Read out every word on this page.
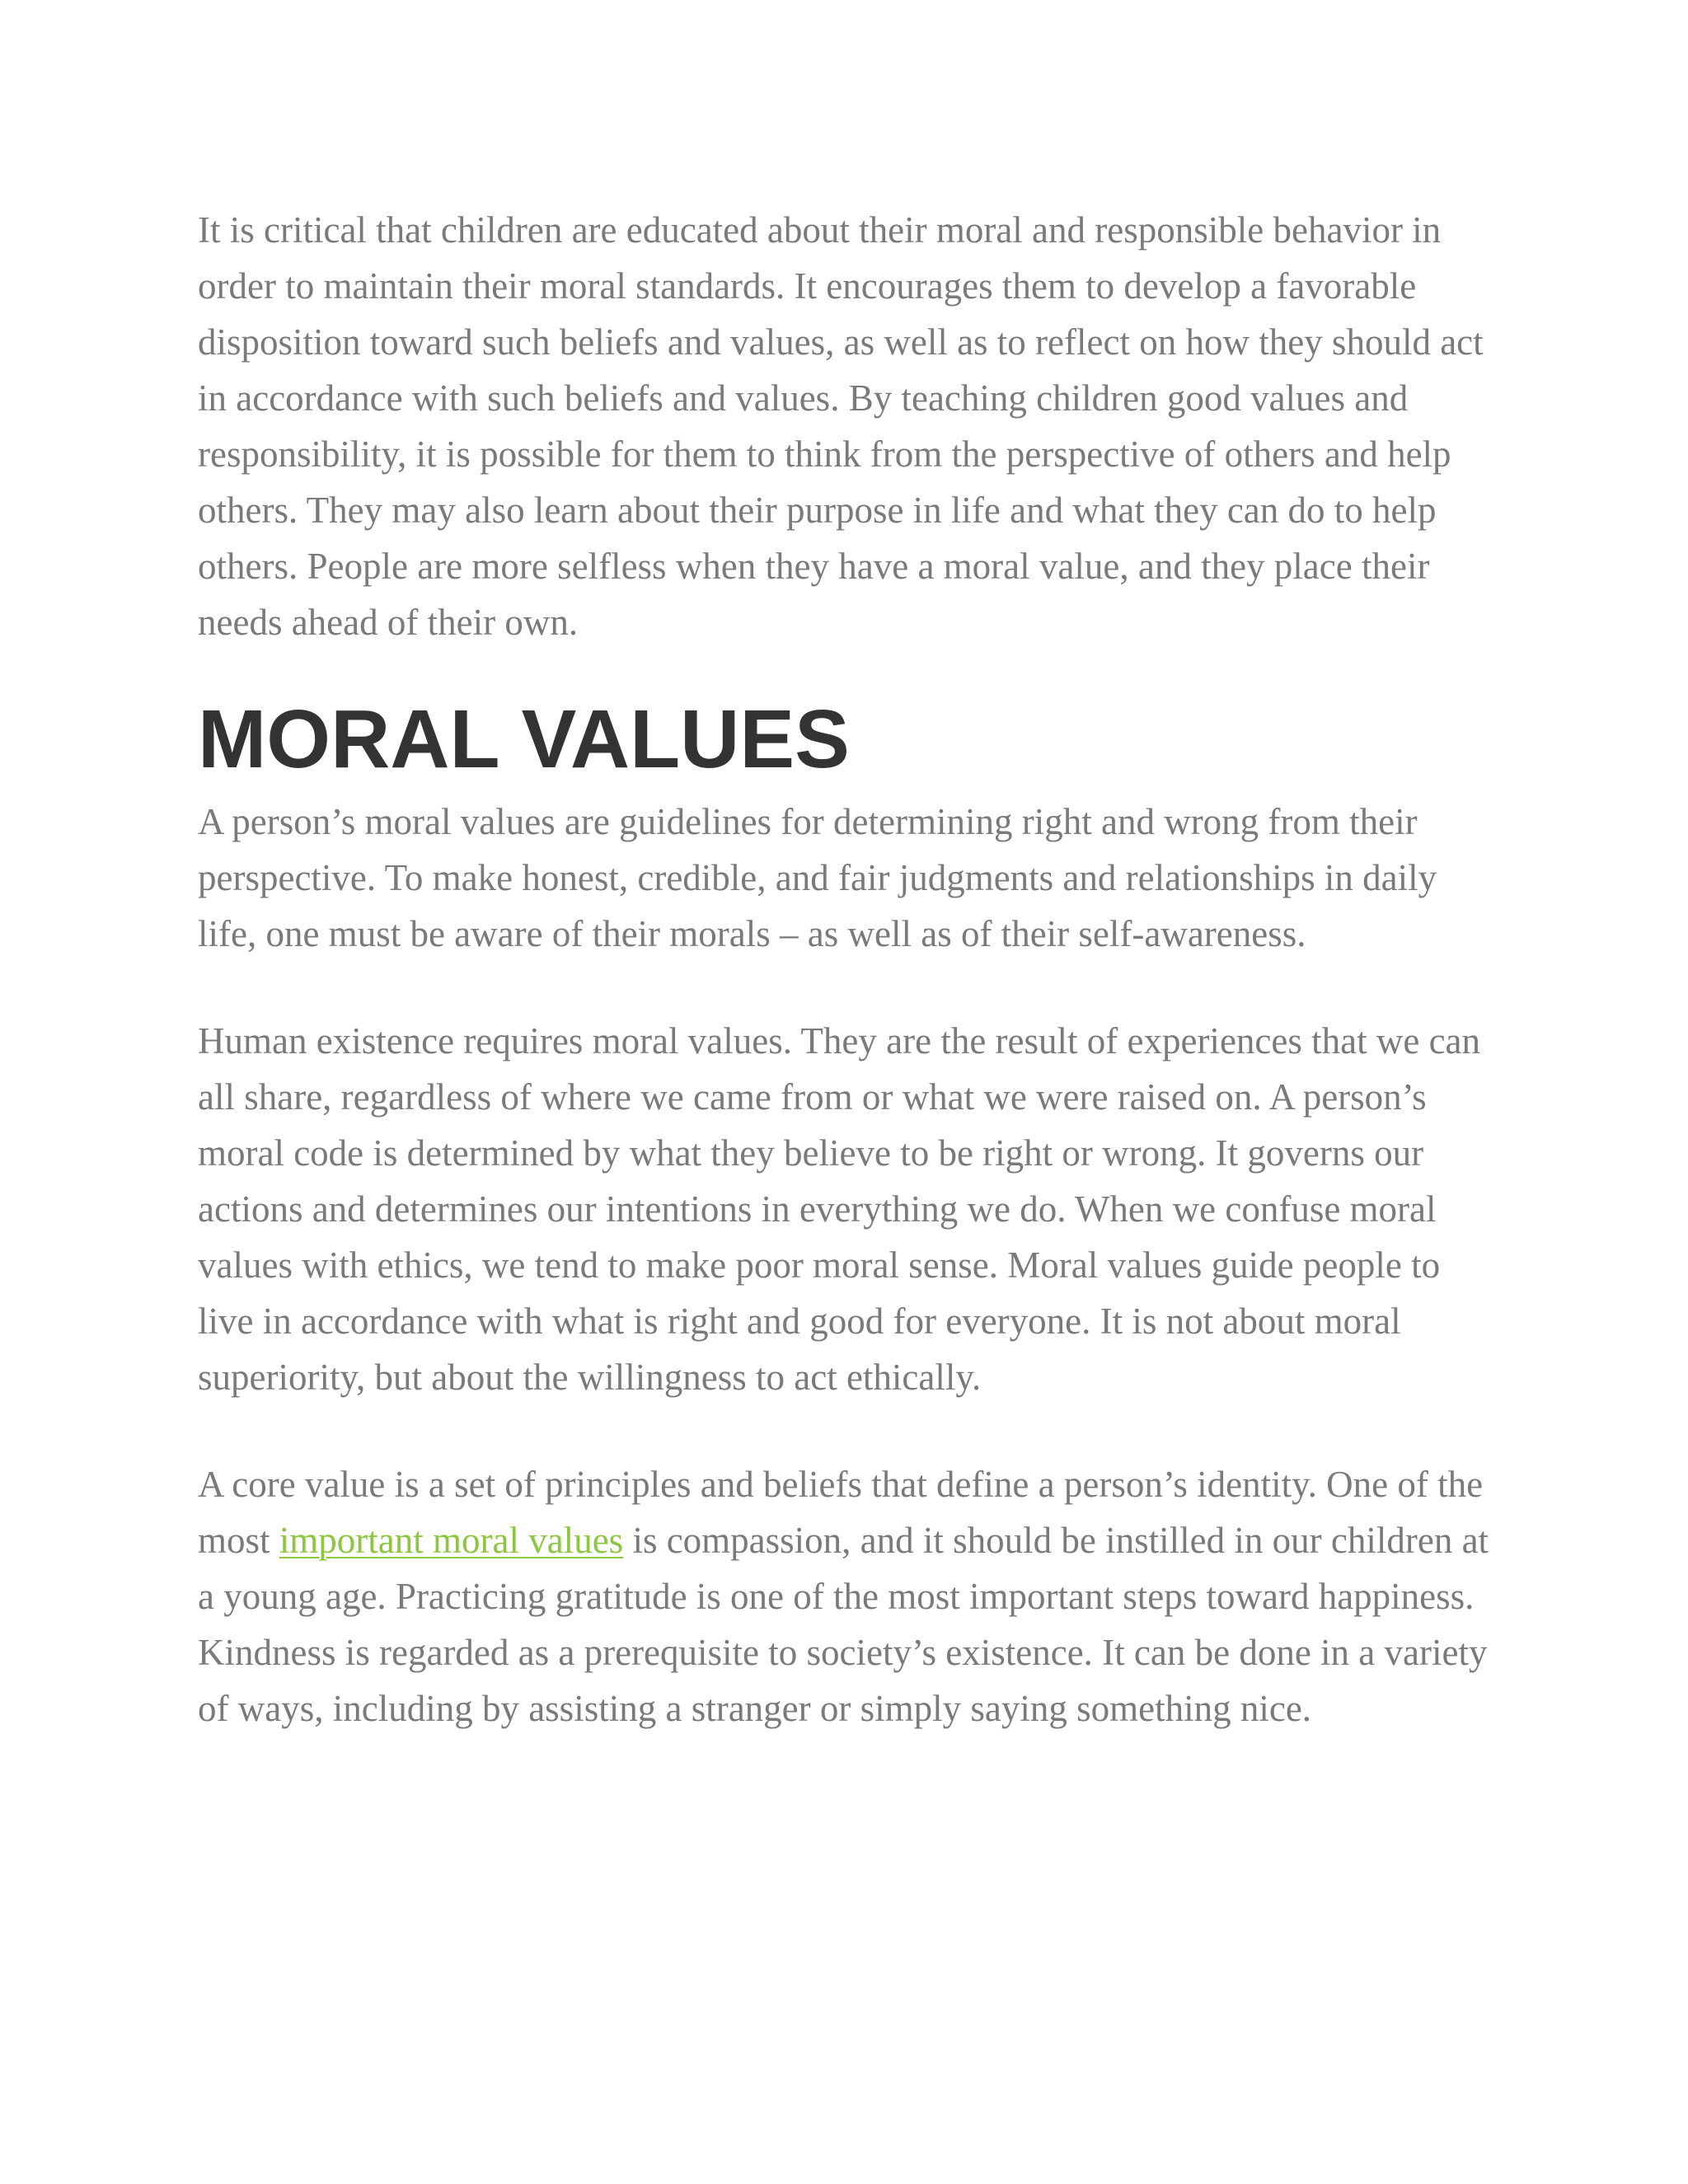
It is critical that children are educated about their moral and responsible behavior in order to maintain their moral standards. It encourages them to develop a favorable disposition toward such beliefs and values, as well as to reflect on how they should act in accordance with such beliefs and values. By teaching children good values and responsibility, it is possible for them to think from the perspective of others and help others. They may also learn about their purpose in life and what they can do to help others. People are more selfless when they have a moral value, and they place their needs ahead of their own.

MORAL VALUES

A person’s moral values are guidelines for determining right and wrong from their perspective. To make honest, credible, and fair judgments and relationships in daily life, one must be aware of their morals – as well as of their self-awareness.

Human existence requires moral values. They are the result of experiences that we can all share, regardless of where we came from or what we were raised on. A person’s moral code is determined by what they believe to be right or wrong. It governs our actions and determines our intentions in everything we do. When we confuse moral values with ethics, we tend to make poor moral sense. Moral values guide people to live in accordance with what is right and good for everyone. It is not about moral superiority, but about the willingness to act ethically.

A core value is a set of principles and beliefs that define a person’s identity. One of the most important moral values is compassion, and it should be instilled in our children at a young age. Practicing gratitude is one of the most important steps toward happiness. Kindness is regarded as a prerequisite to society’s existence. It can be done in a variety of ways, including by assisting a stranger or simply saying something nice.
